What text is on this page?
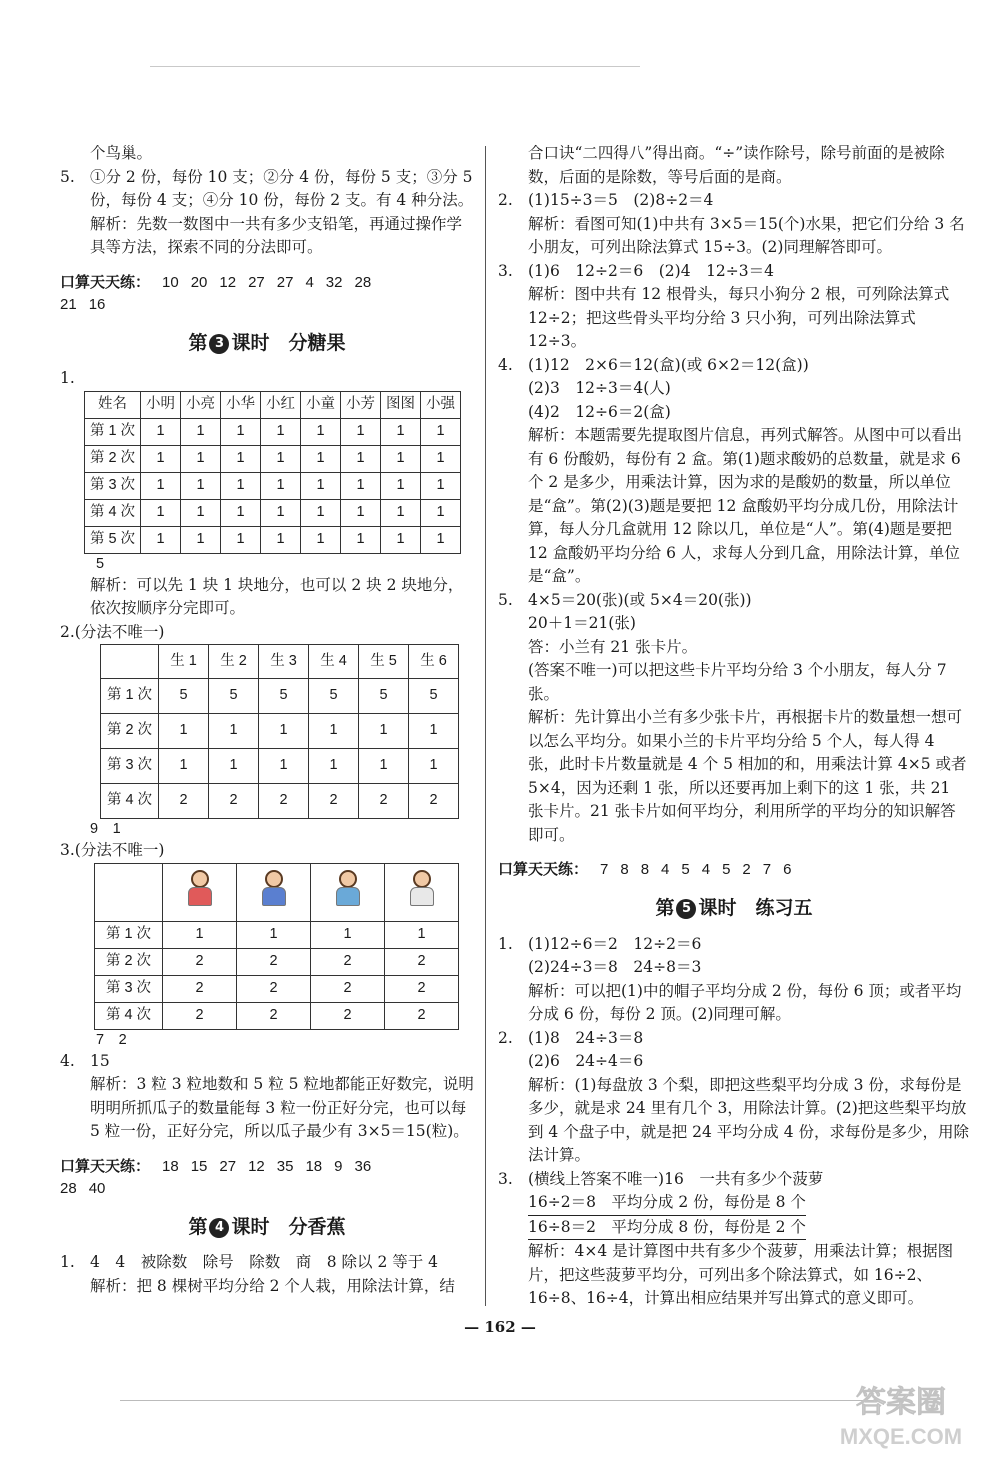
个鸟巢。
5. ①分 2 份，每份 10 支；②分 4 份，每份 5 支；③分 5 份，每份 4 支；④分 10 份，每份 2 支。有 4 种分法。
解析：先数一数图中一共有多少支铅笔，再通过操作学具等方法，探索不同的分法即可。
口算天天练： 10 20 12 27 27 4 32 28
21 16
第 3 课时　 分糖果
1.
姓名	小明	小亮	小华	小红	小童	小芳	图图	小强
第 1 次	1	1	1	1	1	1	1	1
第 2 次	1	1	1	1	1	1	1	1
第 3 次	1	1	1	1	1	1	1	1
第 4 次	1	1	1	1	1	1	1	1
第 5 次	1	1	1	1	1	1	1	1
5
解析：可以先 1 块 1 块地分，也可以 2 块 2 块地分，依次按顺序分完即可。
2.(分法不唯一)
	生 1	生 2	生 3	生 4	生 5	生 6
第 1 次	5	5	5	5	5	5
第 2 次	1	1	1	1	1	1
第 3 次	1	1	1	1	1	1
第 4 次	2	2	2	2	2	2
9　1
3.(分法不唯一)

第 1 次	1	1	1	1
第 2 次	2	2	2	2
第 3 次	2	2	2	2
第 4 次	2	2	2	2
7　2
4. 15
解析：3 粒 3 粒地数和 5 粒 5 粒地都能正好数完，说明明明所抓瓜子的数量能每 3 粒一份正好分完，也可以每 5 粒一份，正好分完，所以瓜子最少有 3×5＝15(粒)。
口算天天练： 18 15 27 12 35 18 9 36
28 40
第 4 课时　 分香蕉
1. 4　4　被除数　除号　除数　商　8 除以 2 等于 4
解析：把 8 棵树平均分给 2 个人栽，用除法计算，结
合口诀“二四得八”得出商。“÷”读作除号，除号前面的是被除数，后面的是除数，等号后面的是商。
2. (1)15÷3＝5　(2)8÷2＝4
解析：看图可知(1)中共有 3×5＝15(个)水果，把它们分给 3 名小朋友，可列出除法算式 15÷3。(2)同理解答即可。
3. (1)6　12÷2＝6　(2)4　12÷3＝4
解析：图中共有 12 根骨头，每只小狗分 2 根，可列除法算式 12÷2；把这些骨头平均分给 3 只小狗，可列出除法算式 12÷3。
4. (1)12　2×6＝12(盒)(或 6×2＝12(盒))
(2)3　12÷3＝4(人)
(4)2　12÷6＝2(盒)
解析：本题需要先提取图片信息，再列式解答。从图中可以看出有 6 份酸奶，每份有 2 盒。第(1)题求酸奶的总数量，就是求 6 个 2 是多少，用乘法计算，因为求的是酸奶的数量，所以单位是“盒”。第(2)(3)题是要把 12 盒酸奶平均分成几份，用除法计算，每人分几盒就用 12 除以几，单位是“人”。第(4)题是要把 12 盒酸奶平均分给 6 人，求每人分到几盒，用除法计算，单位是“盒”。
5. 4×5＝20(张)(或 5×4＝20(张))
20＋1＝21(张)
答：小兰有 21 张卡片。
(答案不唯一)可以把这些卡片平均分给 3 个小朋友，每人分 7 张。
解析：先计算出小兰有多少张卡片，再根据卡片的数量想一想可以怎么平均分。如果小兰的卡片平均分给 5 个人，每人得 4 张，此时卡片数量就是 4 个 5 相加的和，用乘法计算 4×5 或者 5×4，因为还剩 1 张，所以还要再加上剩下的这 1 张，共 21 张卡片。21 张卡片如何平均分，利用所学的平均分的知识解答即可。
口算天天练： 7 8 8 4 5 4 5 2 7 6
第 5 课时　 练习五
1. (1)12÷6＝2　12÷2＝6
(2)24÷3＝8　24÷8＝3
解析：可以把(1)中的帽子平均分成 2 份，每份 6 顶；或者平均分成 6 份，每份 2 顶。(2)同理可解。
2. (1)8　24÷3＝8
(2)6　24÷4＝6
解析：(1)每盘放 3 个梨，即把这些梨平均分成 3 份，求每份是多少，就是求 24 里有几个 3，用除法计算。(2)把这些梨平均放到 4 个盘子中，就是把 24 平均分成 4 份，求每份是多少，用除法计算。
3. (横线上答案不唯一)16　一共有多少个菠萝
16÷2＝8　平均分成 2 份，每份是 8 个
16÷8＝2　平均分成 8 份，每份是 2 个
解析：4×4 是计算图中共有多少个菠萝，用乘法计算；根据图片，把这些菠萝平均分，可列出多个除法算式，如 16÷2、16÷8、16÷4，计算出相应结果并写出算式的意义即可。
— 162 —
答案圈
MXQE.COM
